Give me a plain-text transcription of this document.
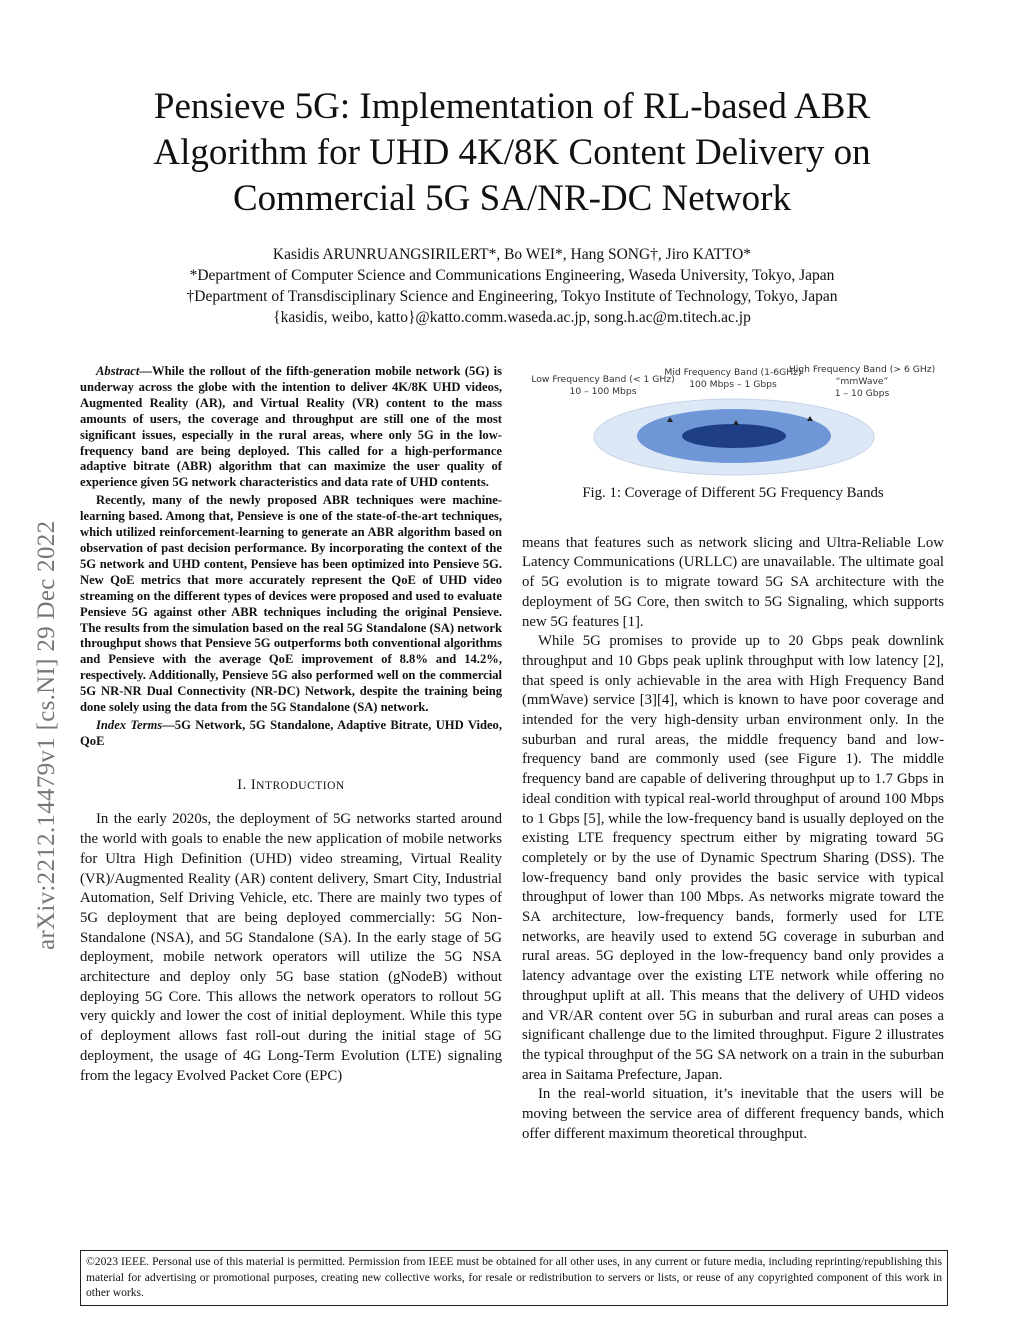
arXiv:2212.14479v1 [cs.NI] 29 Dec 2022
Pensieve 5G: Implementation of RL-based ABR
Algorithm for UHD 4K/8K Content Delivery on
Commercial 5G SA/NR-DC Network
Kasidis ARUNRUANGSIRILERT*, Bo WEI*, Hang SONG†, Jiro KATTO*
*Department of Computer Science and Communications Engineering, Waseda University, Tokyo, Japan
†Department of Transdisciplinary Science and Engineering, Tokyo Institute of Technology, Tokyo, Japan
{kasidis, weibo, katto}@katto.comm.waseda.ac.jp, song.h.ac@m.titech.ac.jp

Abstract—While the rollout of the fifth-generation mobile network (5G) is underway across the globe with the intention to deliver 4K/8K UHD videos, Augmented Reality (AR), and Virtual Reality (VR) content to the mass amounts of users, the coverage and throughput are still one of the most significant issues, especially in the rural areas, where only 5G in the low-frequency band are being deployed. This called for a high-performance adaptive bitrate (ABR) algorithm that can maximize the user quality of experience given 5G network characteristics and data rate of UHD contents.

Recently, many of the newly proposed ABR techniques were machine-learning based. Among that, Pensieve is one of the state-of-the-art techniques, which utilized reinforcement-learning to generate an ABR algorithm based on observation of past decision performance. By incorporating the context of the 5G network and UHD content, Pensieve has been optimized into Pensieve 5G. New QoE metrics that more accurately represent the QoE of UHD video streaming on the different types of devices were proposed and used to evaluate Pensieve 5G against other ABR techniques including the original Pensieve. The results from the simulation based on the real 5G Standalone (SA) network throughput shows that Pensieve 5G outperforms both conventional algorithms and Pensieve with the average QoE improvement of 8.8% and 14.2%, respectively. Additionally, Pensieve 5G also performed well on the commercial 5G NR-NR Dual Connectivity (NR-DC) Network, despite the training being done solely using the data from the 5G Standalone (SA) network.

Index Terms—5G Network, 5G Standalone, Adaptive Bitrate, UHD Video, QoE

I. INTRODUCTION

In the early 2020s, the deployment of 5G networks started around the world with goals to enable the new application of mobile networks for Ultra High Definition (UHD) video streaming, Virtual Reality (VR)/Augmented Reality (AR) content delivery, Smart City, Industrial Automation, Self Driving Vehicle, etc. There are mainly two types of 5G deployment that are being deployed commercially: 5G Non-Standalone (NSA), and 5G Standalone (SA). In the early stage of 5G deployment, mobile network operators will utilize the 5G NSA architecture and deploy only 5G base station (gNodeB) without deploying 5G Core. This allows the network operators to rollout 5G very quickly and lower the cost of initial deployment. While this type of deployment allows fast roll-out during the initial stage of 5G deployment, the usage of 4G Long-Term Evolution (LTE) signaling from the legacy Evolved Packet Core (EPC)

Low Frequency Band (< 1 GHz)
10 – 100 Mbps
Mid Frequency Band (1-6GHz)
100 Mbps – 1 Gbps
High Frequency Band (> 6 GHz)
“mmWave”
1 – 10 Gbps
Fig. 1: Coverage of Different 5G Frequency Bands

means that features such as network slicing and Ultra-Reliable Low Latency Communications (URLLC) are unavailable. The ultimate goal of 5G evolution is to migrate toward 5G SA architecture with the deployment of 5G Core, then switch to 5G Signaling, which supports new 5G features [1].

While 5G promises to provide up to 20 Gbps peak downlink throughput and 10 Gbps peak uplink throughput with low latency [2], that speed is only achievable in the area with High Frequency Band (mmWave) service [3][4], which is known to have poor coverage and intended for the very high-density urban environment only. In the suburban and rural areas, the middle frequency band and low-frequency band are commonly used (see Figure 1). The middle frequency band are capable of delivering throughput up to 1.7 Gbps in ideal condition with typical real-world throughput of around 100 Mbps to 1 Gbps [5], while the low-frequency band is usually deployed on the existing LTE frequency spectrum either by migrating toward 5G completely or by the use of Dynamic Spectrum Sharing (DSS). The low-frequency band only provides the basic service with typical throughput of lower than 100 Mbps. As networks migrate toward the SA architecture, low-frequency bands, formerly used for LTE networks, are heavily used to extend 5G coverage in suburban and rural areas. 5G deployed in the low-frequency band only provides a latency advantage over the existing LTE network while offering no throughput uplift at all. This means that the delivery of UHD videos and VR/AR content over 5G in suburban and rural areas can poses a significant challenge due to the limited throughput. Figure 2 illustrates the typical throughput of the 5G SA network on a train in the suburban area in Saitama Prefecture, Japan.

In the real-world situation, it’s inevitable that the users will be moving between the service area of different frequency bands, which offer different maximum theoretical throughput.

©2023 IEEE. Personal use of this material is permitted. Permission from IEEE must be obtained for all other uses, in any current or future media, including reprinting/republishing this material for advertising or promotional purposes, creating new collective works, for resale or redistribution to servers or lists, or reuse of any copyrighted component of this work in other works.
